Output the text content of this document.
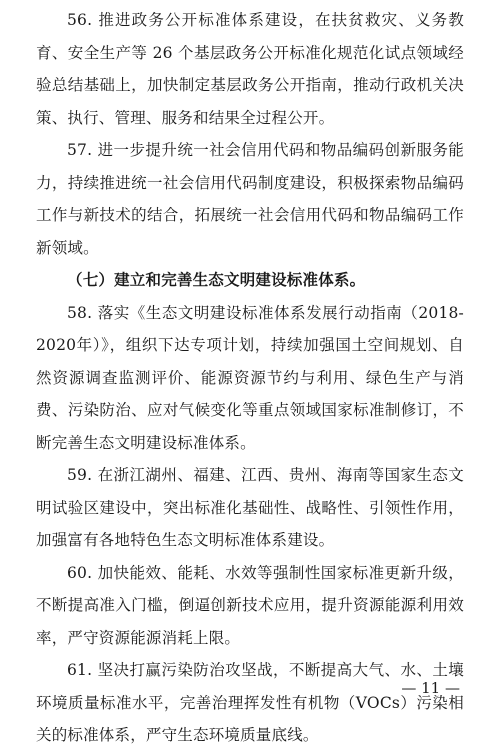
56. 推进政务公开标准体系建设，在扶贫救灾、义务教育、安全生产等 26 个基层政务公开标准化规范化试点领域经验总结基础上，加快制定基层政务公开指南，推动行政机关决策、执行、管理、服务和结果全过程公开。

57. 进一步提升统一社会信用代码和物品编码创新服务能力，持续推进统一社会信用代码制度建设，积极探索物品编码工作与新技术的结合，拓展统一社会信用代码和物品编码工作新领域。

（七）建立和完善生态文明建设标准体系。

58. 落实《生态文明建设标准体系发展行动指南（2018-2020年）》，组织下达专项计划，持续加强国土空间规划、自然资源调查监测评价、能源资源节约与利用、绿色生产与消费、污染防治、应对气候变化等重点领域国家标准制修订，不断完善生态文明建设标准体系。

59. 在浙江湖州、福建、江西、贵州、海南等国家生态文明试验区建设中，突出标准化基础性、战略性、引领性作用，加强富有各地特色生态文明标准体系建设。

60. 加快能效、能耗、水效等强制性国家标准更新升级，不断提高准入门槛，倒逼创新技术应用，提升资源能源利用效率，严守资源能源消耗上限。

61. 坚决打赢污染防治攻坚战，不断提高大气、水、土壤环境质量标准水平，完善治理挥发性有机物（VOCs）污染相关的标准体系，严守生态环境质量底线。

— 11 —
